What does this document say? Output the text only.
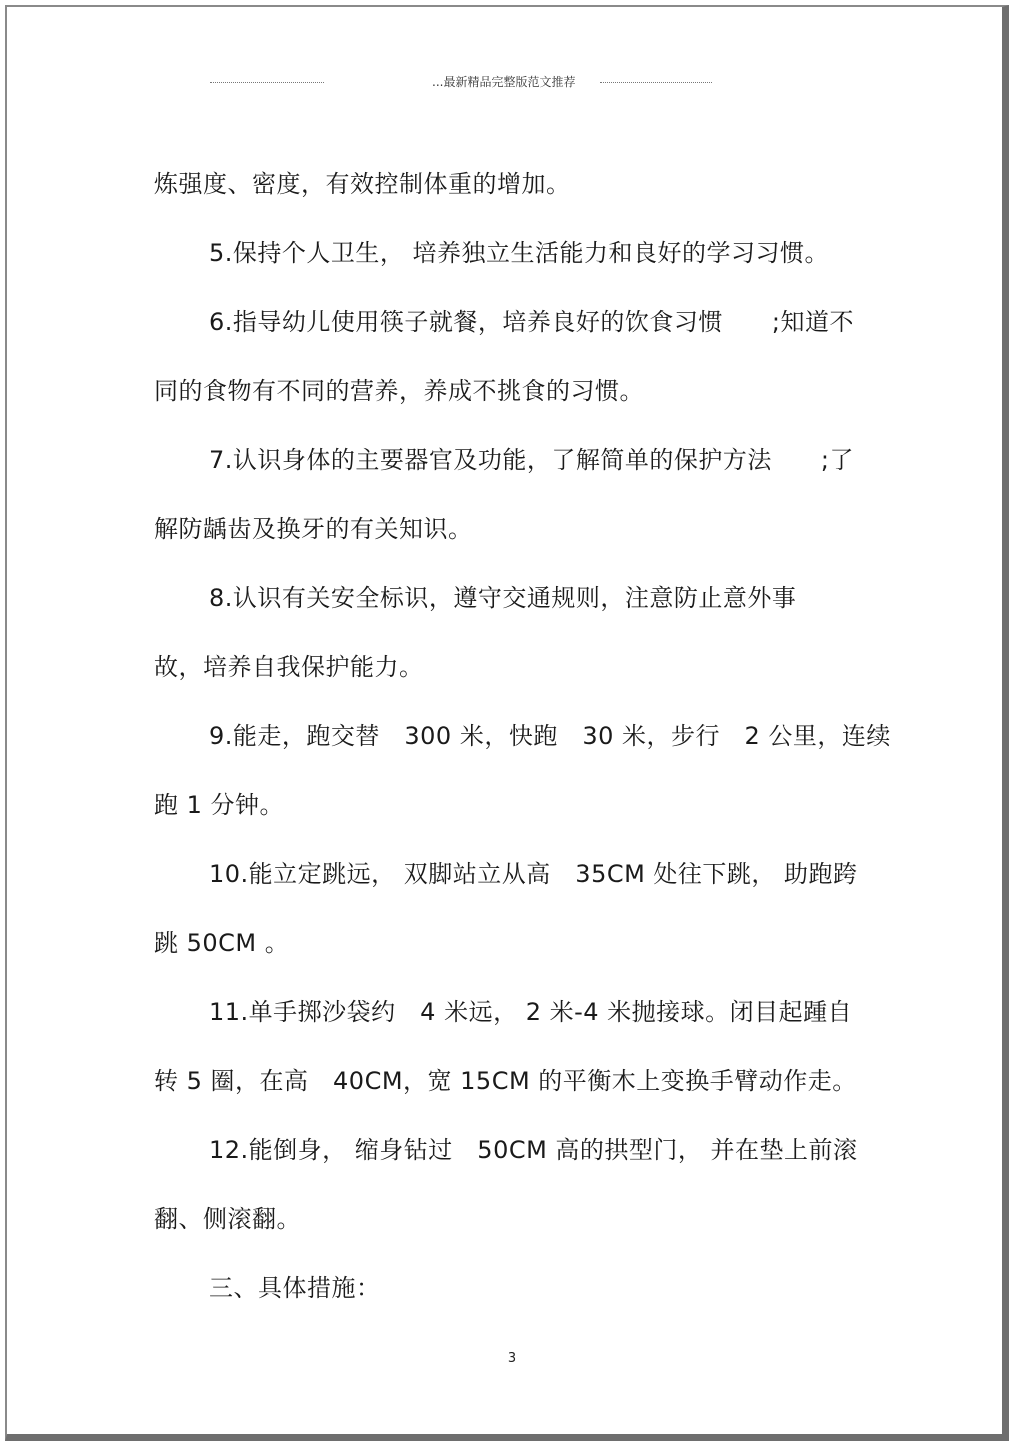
...最新精品完整版范文推荐
炼强度、密度，有效控制体重的增加。
5.保持个人卫生， 培养独立生活能力和良好的学习习惯。
6.指导幼儿使用筷子就餐，培养良好的饮食习惯　　;知道不
同的食物有不同的营养，养成不挑食的习惯。
7.认识身体的主要器官及功能，了解简单的保护方法　　;了
解防龋齿及换牙的有关知识。
8.认识有关安全标识，遵守交通规则，注意防止意外事
故，培养自我保护能力。
9.能走，跑交替　300 米，快跑　30 米，步行　2 公里，连续
跑 1 分钟。
10.能立定跳远， 双脚站立从高　35CM 处往下跳， 助跑跨
跳 50CM 。
11.单手掷沙袋约　4 米远， 2 米-4 米抛接球。闭目起踵自
转 5 圈，在高　40CM，宽 15CM 的平衡木上变换手臂动作走。
12.能倒身， 缩身钻过　50CM 高的拱型门， 并在垫上前滚
翻、侧滚翻。
三、具体措施：
3
